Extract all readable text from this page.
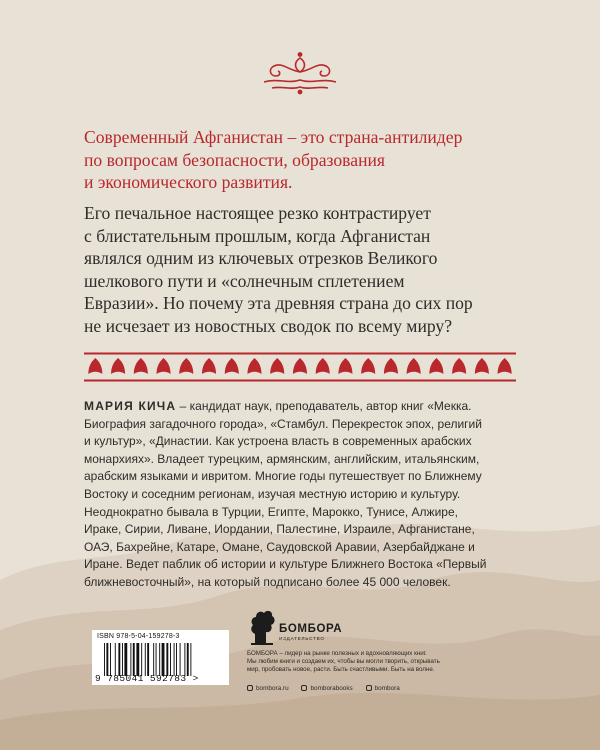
Современный Афганистан – это страна-антилидер
по вопросам безопасности, образования
и экономического развития.
Его печальное настоящее резко контрастирует
с блистательным прошлым, когда Афганистан
являлся одним из ключевых отрезков Великого
шелкового пути и «солнечным сплетением
Евразии». Но почему эта древняя страна до сих пор
не исчезает из новостных сводок по всему миру?
МАРИЯ КИЧА – кандидат наук, преподаватель, автор книг «Мекка.
Биография загадочного города», «Стамбул. Перекресток эпох, религий
и культур», «Династии. Как устроена власть в современных арабских
монархиях». Владеет турецким, армянским, английским, итальянским,
арабским языками и ивритом. Многие годы путешествует по Ближнему
Востоку и соседним регионам, изучая местную историю и культуру.
Неоднократно бывала в Турции, Египте, Марокко, Тунисе, Алжире,
Ираке, Сирии, Ливане, Иордании, Палестине, Израиле, Афганистане,
ОАЭ, Бахрейне, Катаре, Омане, Саудовской Аравии, Азербайджане и
Иране. Ведет паблик об истории и культуре Ближнего Востока «Первый
ближневосточный», на который подписано более 45 000 человек.
ISBN 978-5-04-159278-3
9 785041 592783 >
БОМБОРА
ИЗДАТЕЛЬСТВО
БОМБОРА – лидер на рынке полезных и вдохновляющих книг.
Мы любим книги и создаем их, чтобы вы могли творить, открывать
мир, пробовать новое, расти. Быть счастливыми. Быть на волне.
bombora.ru	bomborabooks	bombora
